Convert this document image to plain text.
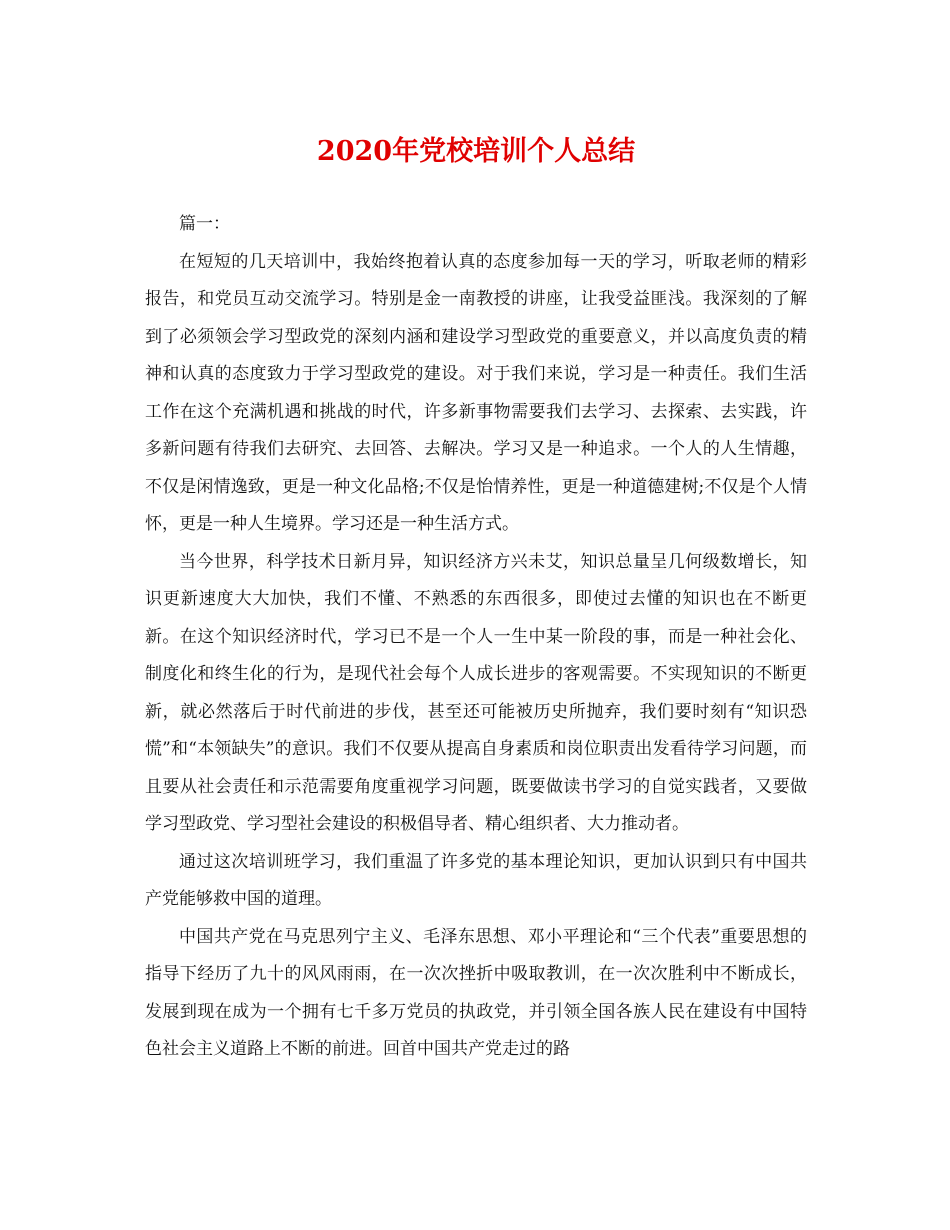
2020年党校培训个人总结

篇一：

在短短的几天培训中，我始终抱着认真的态度参加每一天的学习，听取老师的精彩报告，和党员互动交流学习。特别是金一南教授的讲座，让我受益匪浅。我深刻的了解到了必须领会学习型政党的深刻内涵和建设学习型政党的重要意义，并以高度负责的精神和认真的态度致力于学习型政党的建设。对于我们来说，学习是一种责任。我们生活工作在这个充满机遇和挑战的时代，许多新事物需要我们去学习、去探索、去实践，许多新问题有待我们去研究、去回答、去解决。学习又是一种追求。一个人的人生情趣，不仅是闲情逸致，更是一种文化品格;不仅是怡情养性，更是一种道德建树;不仅是个人情怀，更是一种人生境界。学习还是一种生活方式。

当今世界，科学技术日新月异，知识经济方兴未艾，知识总量呈几何级数增长，知识更新速度大大加快，我们不懂、不熟悉的东西很多，即使过去懂的知识也在不断更新。在这个知识经济时代，学习已不是一个人一生中某一阶段的事，而是一种社会化、制度化和终生化的行为，是现代社会每个人成长进步的客观需要。不实现知识的不断更新，就必然落后于时代前进的步伐，甚至还可能被历史所抛弃，我们要时刻有“知识恐慌”和“本领缺失”的意识。我们不仅要从提高自身素质和岗位职责出发看待学习问题，而且要从社会责任和示范需要角度重视学习问题，既要做读书学习的自觉实践者，又要做学习型政党、学习型社会建设的积极倡导者、精心组织者、大力推动者。

通过这次培训班学习，我们重温了许多党的基本理论知识，更加认识到只有中国共产党能够救中国的道理。

中国共产党在马克思列宁主义、毛泽东思想、邓小平理论和“三个代表”重要思想的指导下经历了九十的风风雨雨，在一次次挫折中吸取教训，在一次次胜利中不断成长，发展到现在成为一个拥有七千多万党员的执政党，并引领全国各族人民在建设有中国特色社会主义道路上不断的前进。回首中国共产党走过的路
